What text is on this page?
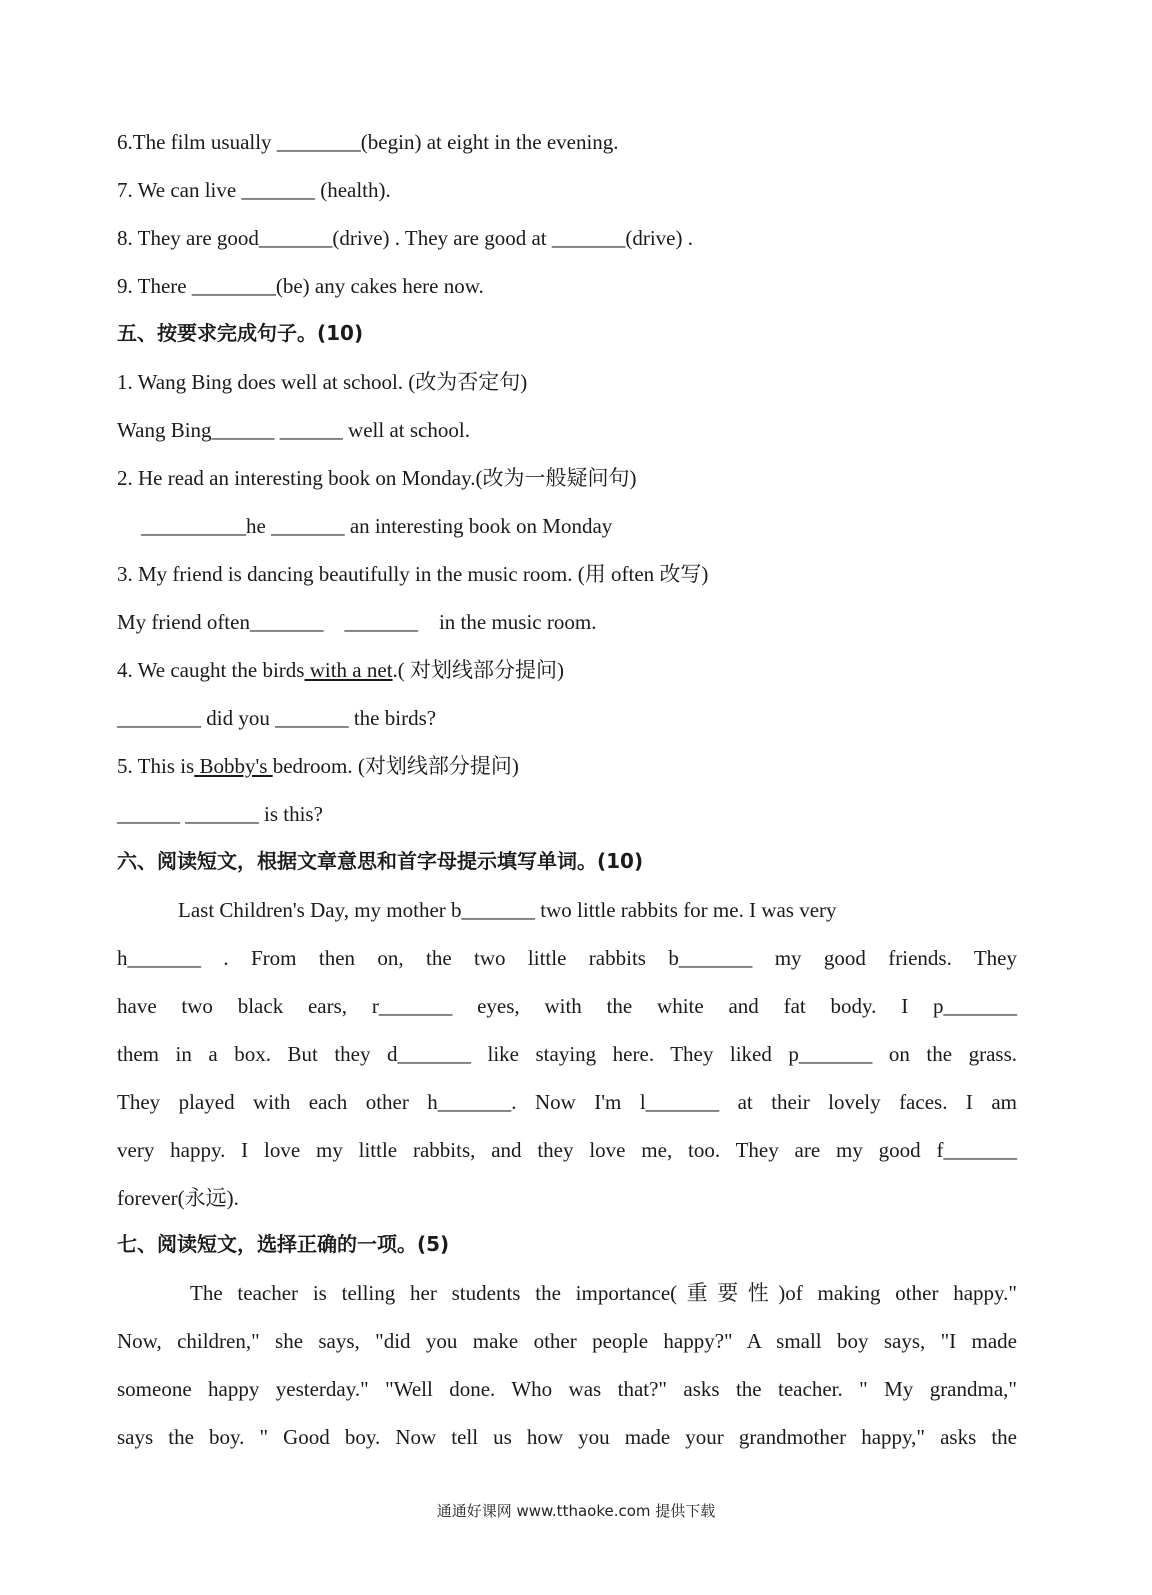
6.The film usually ________(begin) at eight in the evening.
7. We can live _______ (health).
8. They are good_______(drive) . They are good at _______(drive) .
9. There ________(be) any cakes here now.
五、按要求完成句子。(10)
1. Wang Bing does well at school. (改为否定句)
Wang Bing______ ______ well at school.
2. He read an interesting book on Monday.(改为一般疑问句)
__________he _______ an interesting book on Monday
3. My friend is dancing beautifully in the music room. (用 often 改写)
My friend often_______    _______    in the music room.
4. We caught the birds with a net.( 对划线部分提问)
________ did you _______ the birds?
5. This is Bobby's bedroom. (对划线部分提问)
______ _______ is this?
六、阅读短文，根据文章意思和首字母提示填写单词。(10)
Last Children's Day, my mother b_______ two little rabbits for me. I was very
h_______ . From then on, the two little rabbits b_______ my good friends. They
have two black ears, r_______ eyes, with the white and fat body. I p_______
them in a box. But they d_______ like staying here. They liked p_______ on the grass.
They played with each other h_______. Now I'm l_______ at their lovely faces. I am
very happy. I love my little rabbits, and they love me, too. They are my good f_______
forever(永远).
七、阅读短文，选择正确的一项。(5)
The teacher is telling her students the importance(重要性)of making other happy."
Now, children," she says, "did you make other people happy?" A small boy says, "I made
someone happy yesterday." "Well done. Who was that?" asks the teacher. " My grandma,"
says the boy. " Good boy. Now tell us how you made your grandmother happy," asks the
通通好课网 www.tthaoke.com 提供下载
